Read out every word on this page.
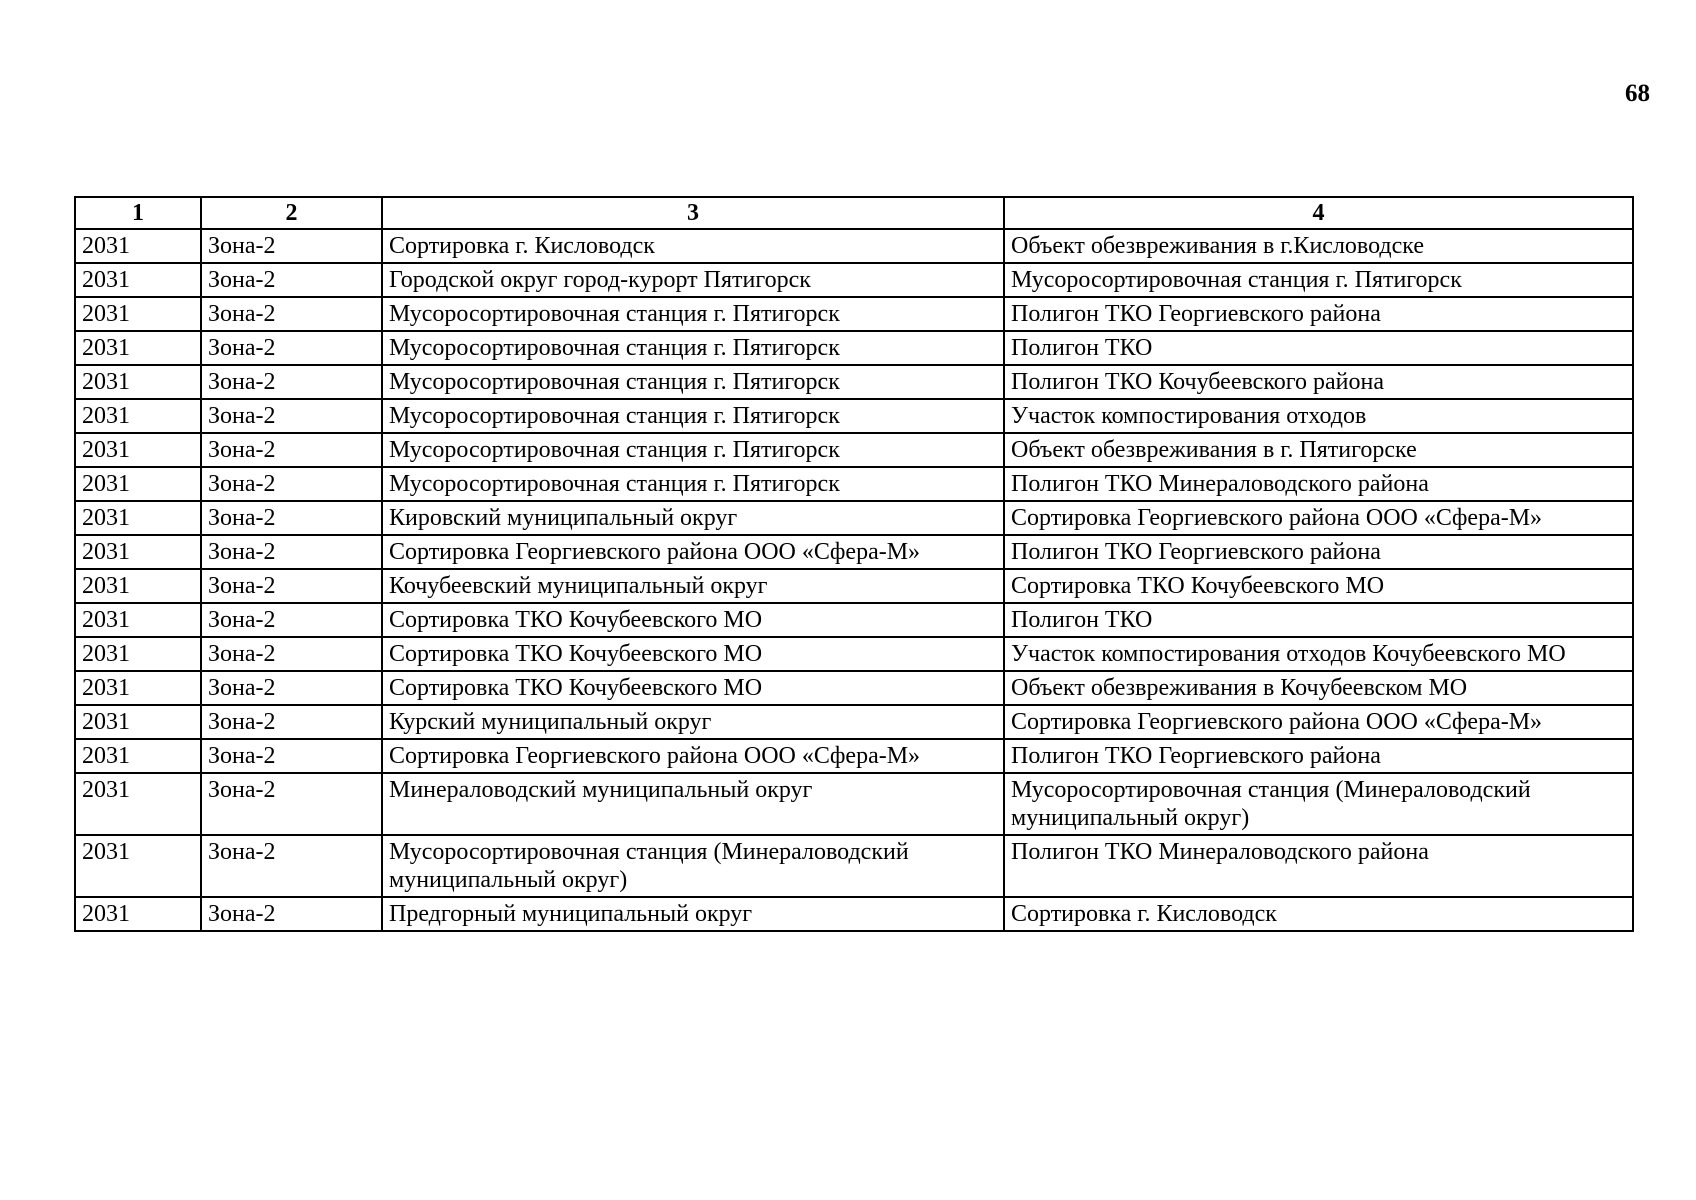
68
1	2	3	4
2031	Зона-2	Сортировка г. Кисловодск	Объект обезвреживания в г.Кисловодске
2031	Зона-2	Городской округ город-курорт Пятигорск	Мусоросортировочная станция г. Пятигорск
2031	Зона-2	Мусоросортировочная станция г. Пятигорск	Полигон ТКО Георгиевского района
2031	Зона-2	Мусоросортировочная станция г. Пятигорск	Полигон ТКО
2031	Зона-2	Мусоросортировочная станция г. Пятигорск	Полигон ТКО Кочубеевского района
2031	Зона-2	Мусоросортировочная станция г. Пятигорск	Участок компостирования отходов
2031	Зона-2	Мусоросортировочная станция г. Пятигорск	Объект обезвреживания в г. Пятигорске
2031	Зона-2	Мусоросортировочная станция г. Пятигорск	Полигон ТКО Минераловодского района
2031	Зона-2	Кировский муниципальный округ	Сортировка Георгиевского района ООО «Сфера-М»
2031	Зона-2	Сортировка Георгиевского района ООО «Сфера-М»	Полигон ТКО Георгиевского района
2031	Зона-2	Кочубеевский муниципальный округ	Сортировка ТКО Кочубеевского МО
2031	Зона-2	Сортировка ТКО Кочубеевского МО	Полигон ТКО
2031	Зона-2	Сортировка ТКО Кочубеевского МО	Участок компостирования отходов Кочубеевского МО
2031	Зона-2	Сортировка ТКО Кочубеевского МО	Объект обезвреживания в Кочубеевском МО
2031	Зона-2	Курский муниципальный округ	Сортировка Георгиевского района ООО «Сфера-М»
2031	Зона-2	Сортировка Георгиевского района ООО «Сфера-М»	Полигон ТКО Георгиевского района
2031	Зона-2	Минераловодский муниципальный округ	Мусоросортировочная станция (Минераловодский муниципальный округ)
2031	Зона-2	Мусоросортировочная станция (Минераловодский муниципальный округ)	Полигон ТКО Минераловодского района
2031	Зона-2	Предгорный муниципальный округ	Сортировка г. Кисловодск
